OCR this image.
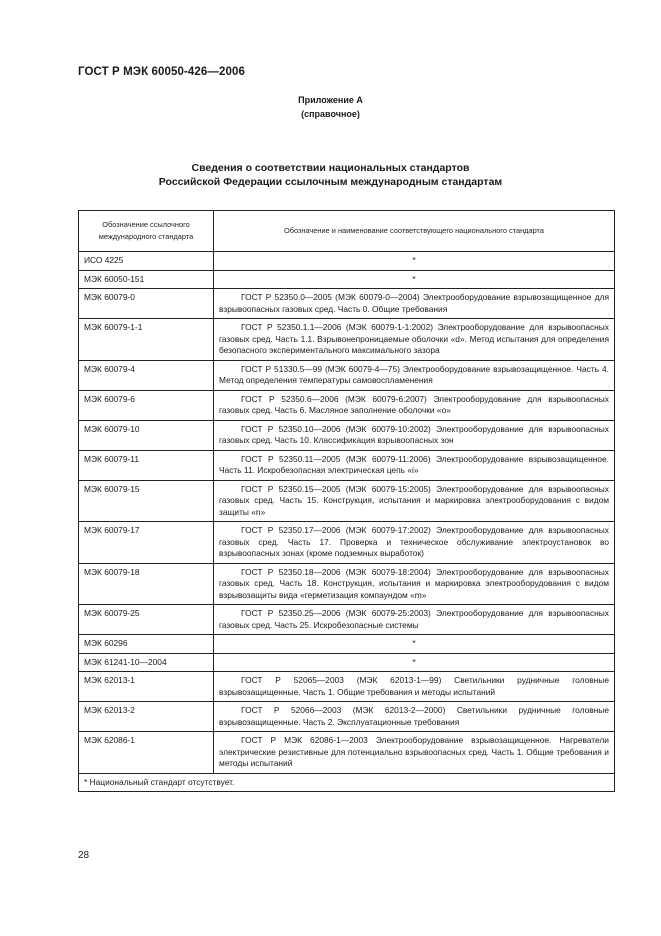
ГОСТ Р МЭК 60050-426—2006
Приложение А
(справочное)
Сведения о соответствии национальных стандартов
Российской Федерации ссылочным международным стандартам
Обозначение ссылочного международного стандарта	Обозначение и наименование соответствующего национального стандарта
ИСО 4225	*
МЭК 60050-151	*
МЭК 60079-0	ГОСТ Р 52350.0—2005 (МЭК 60079-0—2004) Электрооборудование взрывозащищенное для взрывоопасных газовых сред. Часть 0. Общие требования

МЭК 60079-1-1	ГОСТ Р 52350.1.1—2006 (МЭК 60079-1-1:2002) Электрооборудование для взрывоопасных газовых сред. Часть 1.1. Взрывонепроницаемые оболочки «d». Метод испытания для определения безопасного экспериментального максимального зазора

МЭК 60079-4	ГОСТ Р 51330.5—99 (МЭК 60079-4—75) Электрооборудование взрывозащищенное. Часть 4. Метод определения температуры самовоспламенения

МЭК 60079-6	ГОСТ Р 52350.6—2006 (МЭК 60079-6:2007) Электрооборудование для взрывоопасных газовых сред. Часть 6. Масляное заполнение оболочки «о»

МЭК 60079-10	ГОСТ Р 52350.10—2006 (МЭК 60079-10:2002) Электрооборудование для взрывоопасных газовых сред. Часть 10. Классификация взрывоопасных зон

МЭК 60079-11	ГОСТ Р 52350.11—2005 (МЭК 60079-11:2006) Электрооборудование взрывозащищенное. Часть 11. Искробезопасная электрическая цепь «i»

МЭК 60079-15	ГОСТ Р 52350.15—2005 (МЭК 60079-15:2005) Электрооборудование для взрывоопасных газовых сред. Часть 15. Конструкция, испытания и маркировка электрооборудования с видом защиты «n»

МЭК 60079-17	ГОСТ Р 52350.17—2006 (МЭК 60079-17:2002) Электрооборудование для взрывоопасных газовых сред. Часть 17. Проверка и техническое обслуживание электроустановок во взрывоопасных зонах (кроме подземных выработок)

МЭК 60079-18	ГОСТ Р 52350.18—2006 (МЭК 60079-18:2004) Электрооборудование для взрывоопасных газовых сред. Часть 18. Конструкция, испытания и маркировка электрооборудования с видом взрывозащиты вида «герметизация компаундом «m»

МЭК 60079-25	ГОСТ Р 52350.25—2006 (МЭК 60079-25:2003) Электрооборудование для взрывоопасных газовых сред. Часть 25. Искробезопасные системы

МЭК 60296	*
МЭК 61241-10—2004	*
МЭК 62013-1	ГОСТ Р 52065—2003 (МЭК 62013-1—99) Светильники рудничные головные взрывозащищенные. Часть 1. Общие требования и методы испытаний

МЭК 62013-2	ГОСТ Р 52066—2003 (МЭК 62013-2—2000) Светильники рудничные головные взрывозащищенные. Часть 2. Эксплуатационные требования

МЭК 62086-1	ГОСТ Р МЭК 62086-1—2003 Электрооборудование взрывозащищенное. Нагреватели электрические резистивные для потенциально взрывоопасных сред. Часть 1. Общие требования и методы испытаний

* Национальный стандарт отсутствует.	
28
